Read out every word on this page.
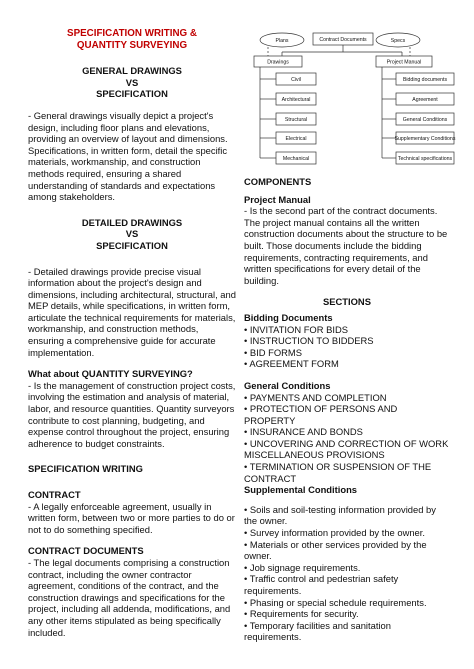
SPECIFICATION WRITING &
QUANTITY SURVEYING
GENERAL DRAWINGS
VS
SPECIFICATION

- General drawings visually depict a project's design, including floor plans and elevations, providing an overview of layout and dimensions. Specifications, in written form, detail the specific materials, workmanship, and construction methods required, ensuring a shared understanding of standards and expectations among stakeholders.

DETAILED DRAWINGS
VS
SPECIFICATION

- Detailed drawings provide precise visual information about the project's design and dimensions, including architectural, structural, and MEP details, while specifications, in written form, articulate the technical requirements for materials, workmanship, and construction methods, ensuring a comprehensive guide for accurate implementation.

What about QUANTITY SURVEYING?

- Is the management of construction project costs, involving the estimation and analysis of material, labor, and resource quantities. Quantity surveyors contribute to cost planning, budgeting, and expense control throughout the project, ensuring adherence to budget constraints.

SPECIFICATION WRITING
CONTRACT

- A legally enforceable agreement, usually in written form, between two or more parties to do or not to do something specified.

CONTRACT DOCUMENTS

- The legal documents comprising a construction contract, including the owner contractor agreement, conditions of the contract, and the construction drawings and specifications for the project, including all addenda, modifications, and any other items stipulated as being specifically included.

Plans	Specs
Contract Documents
Drawings	Project Manual
Civil
Architectural
Structural
Electrical
Mechanical
Bidding documents
Agreement
General Conditions
Supplementary Conditions
Technical specifications
COMPONENTS
Project Manual

- Is the second part of the contract documents. The project manual contains all the written construction documents about the structure to be built. Those documents include the bidding requirements, contracting requirements, and written specifications for every detail of the building.

SECTIONS
Bidding Documents
• INVITATION FOR BIDS
• INSTRUCTION TO BIDDERS
• BID FORMS
• AGREEMENT FORM
General Conditions
• PAYMENTS AND COMPLETION
• PROTECTION OF PERSONS AND PROPERTY
• INSURANCE AND BONDS
• UNCOVERING AND CORRECTION OF WORK MISCELLANEOUS PROVISIONS
• TERMINATION OR SUSPENSION OF THE CONTRACT
Supplemental Conditions
• Soils and soil-testing information provided by the owner.
• Survey information provided by the owner.
• Materials or other services provided by the owner.
• Job signage requirements.
• Traffic control and pedestrian safety requirements.
• Phasing or special schedule requirements.
• Requirements for security.
• Temporary facilities and sanitation requirements.
